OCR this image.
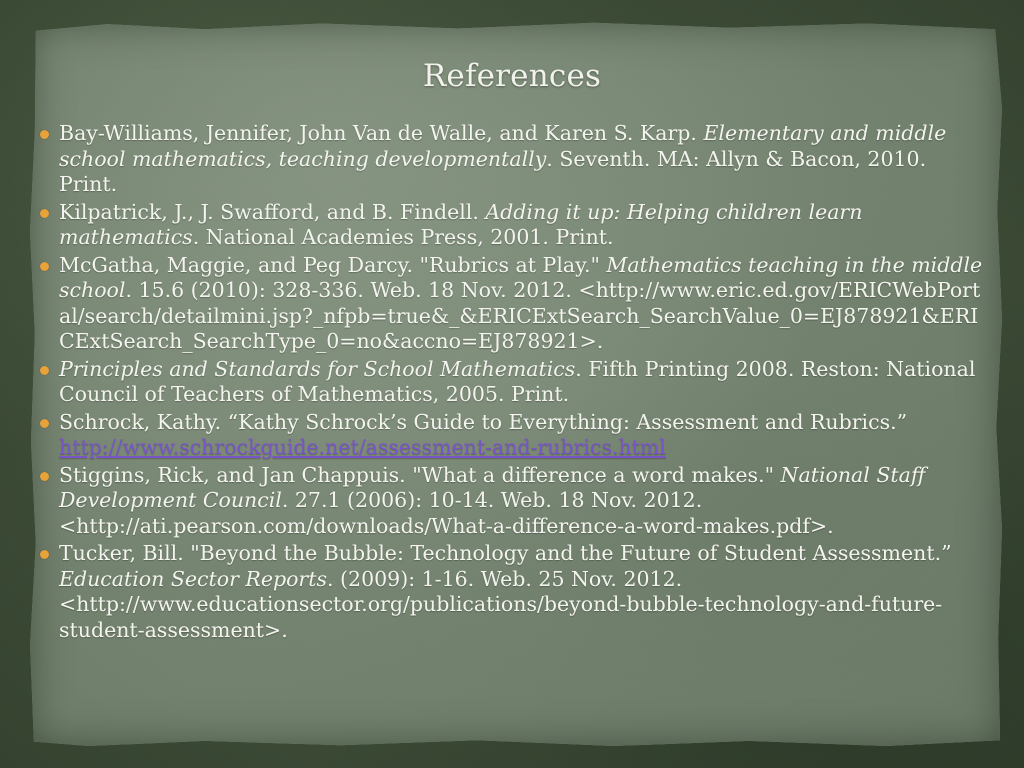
References
Bay-Williams, Jennifer, John Van de Walle, and Karen S. Karp. Elementary and middle school mathematics, teaching developmentally. Seventh. MA: Allyn & Bacon, 2010. Print.
Kilpatrick, J., J. Swafford, and B. Findell. Adding it up: Helping children learn mathematics. National Academies Press, 2001. Print.
McGatha, Maggie, and Peg Darcy. "Rubrics at Play." Mathematics teaching in the middle school. 15.6 (2010): 328-336. Web. 18 Nov. 2012. <http://www.eric.ed.gov/ERICWebPortal/search/detailmini.jsp?_nfpb=true&_&ERICExtSearch_SearchValue_0=EJ878921&ERICExtSearch_SearchType_0=no&accno=EJ878921>.
Principles and Standards for School Mathematics. Fifth Printing 2008. Reston: National Council of Teachers of Mathematics, 2005. Print.
Schrock, Kathy. “Kathy Schrock’s Guide to Everything: Assessment and Rubrics.” http://www.schrockguide.net/assessment-and-rubrics.html
Stiggins, Rick, and Jan Chappuis. "What a difference a word makes." National Staff Development Council. 27.1 (2006): 10-14. Web. 18 Nov. 2012. <http://ati.pearson.com/downloads/What-a-difference-a-word-makes.pdf>.
Tucker, Bill. "Beyond the Bubble: Technology and the Future of Student Assessment.” Education Sector Reports. (2009): 1-16. Web. 25 Nov. 2012. <http://www.educationsector.org/publications/beyond-bubble-technology-and-future-student-assessment>.
